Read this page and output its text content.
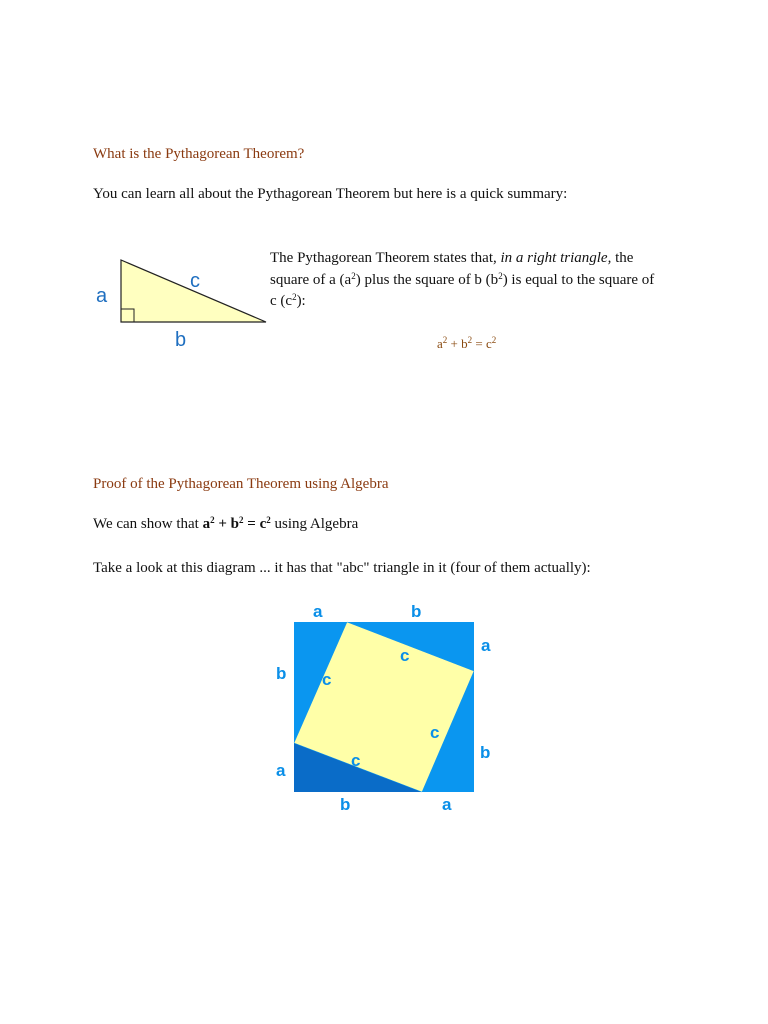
What is the Pythagorean Theorem?
You can learn all about the Pythagorean Theorem but here is a quick summary:
a
c
b
The Pythagorean Theorem states that, in a right triangle, the
square of a $(a^2)$ plus the square of b $(b^2)$ is equal to the square of
c $(c^2)$:
$a^2 + b^2 = c^2$
Proof of the Pythagorean Theorem using Algebra
We can show that $a^2 + b^2 = c^2$ using Algebra
Take a look at this diagram ... it has that "abc" triangle in it (four of them actually):
a	b
a
b
b	a
b
a
c
c
c
c
